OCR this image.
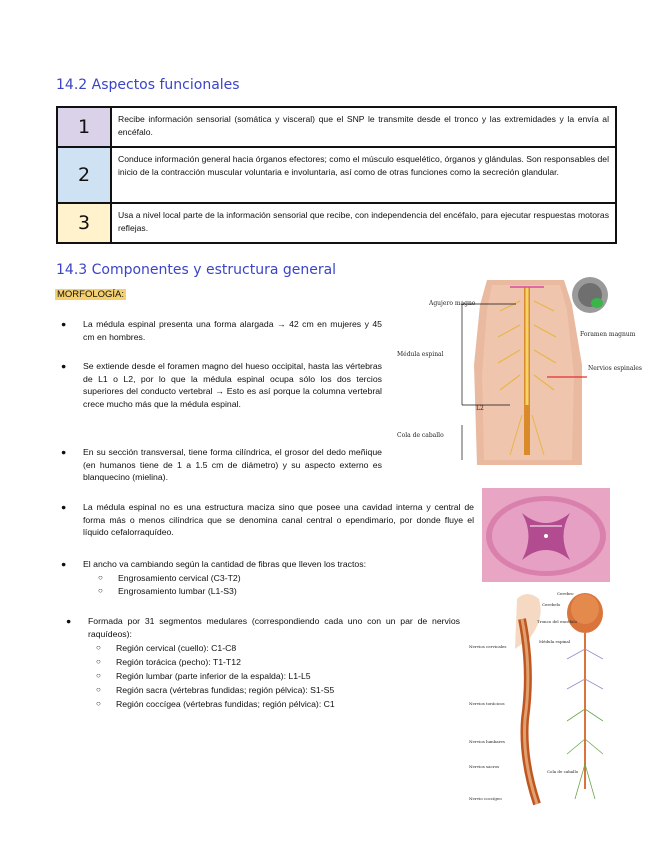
14.2 Aspectos funcionales
1	Recibe información sensorial (somática y visceral) que el SNP le transmite desde el tronco y las extremidades y la envía al encéfalo.
2
Conduce información general hacia órganos efectores; como el músculo esquelético, órganos y glándulas. Son responsables del inicio de la contracción muscular voluntaria e involuntaria, así como de otras funciones como la secreción glandular.
3	Usa a nivel local parte de la información sensorial que recibe, con independencia del encéfalo, para ejecutar respuestas motoras reflejas.
14.3 Componentes y estructura general
MORFOLOGÍA:
● La médula espinal presenta una forma alargada → 42 cm en mujeres y 45 cm en hombres.
● Se extiende desde el foramen magno del hueso occipital, hasta las vértebras de L1 o L2, por lo que la médula espinal ocupa sólo los dos tercios superiores del conducto vertebral → Esto es así porque la columna vertebral crece mucho más que la médula espinal.
● En su sección transversal, tiene forma cilíndrica, el grosor del dedo meñique (en humanos tiene de 1 a 1.5 cm de diámetro) y su aspecto externo es blanquecino (mielina).
● La médula espinal no es una estructura maciza sino que posee una cavidad interna y central de forma más o menos cilíndrica que se denomina canal central o ependimario, por donde fluye el líquido cefalorraquídeo.
● El ancho va cambiando según la cantidad de fibras que lleven los tractos:
○ Engrosamiento cervical (C3-T2)
○ Engrosamiento lumbar (L1-S3)
● Formada por 31 segmentos medulares (correspondiendo cada uno con un par de nervios raquídeos):
○ Región cervical (cuello): C1-C8
○ Región torácica (pecho): T1-T12
○ Región lumbar (parte inferior de la espalda): L1-L5
○ Región sacra (vértebras fundidas; región pélvica): S1-S5
○ Región coccígea (vértebras fundidas; región pélvica): C1
Agujero magno
Médula espinal
L2
Cola de caballo
Nervios espinales
Foramen magnum
Cerebro
Cerebelo
Tronco del encéfalo
Médula espinal
Nervios cervicales
Nervios torácicos
Nervios lumbares
Nervios sacros
Nervio coccígeo
Cola de caballo
